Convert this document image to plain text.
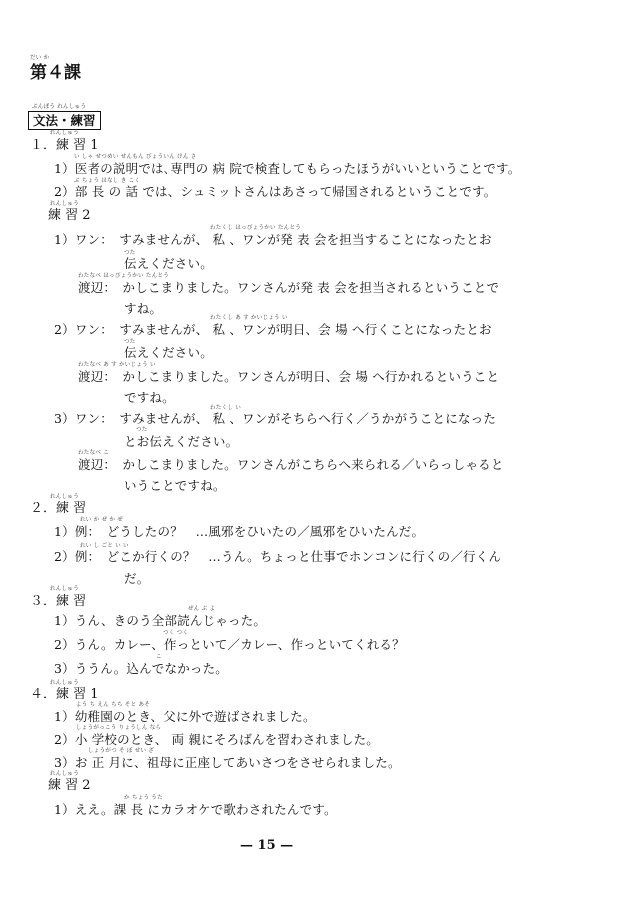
だい か
第４課
ぶんぽう れんしゅう
文法・練習
れんしゅう
１．練 習 1
い しゃ せつめい せんもん びょういん けん さ
1）医者の説明では､専門の 病 院で検査してもらったほうがいいということです。
ぶ ちょう はなし き こく
2）部 長 の 話 では、シュミットさんはあさって帰国されるということです。
れんしゅう
練 習 2
わたくし はっぴょうかい たんとう
1）ワン：　すみませんが、 私 、ワンが発 表 会を担当することになったとお
つた
伝えください。
わたなべ はっぴょうかい たんとう
渡辺：　かしこまりました。ワンさんが発 表 会を担当されるということで
すね。
わたくし あ す かいじょう い
2）ワン：　すみませんが、 私 、ワンが明日、会 場 へ行くことになったとお
つた
伝えください。
わたなべ あ す かいじょう い
渡辺：　かしこまりました。ワンさんが明日、会 場 へ行かれるということ
ですね。
わたくし い
3）ワン：　すみませんが、 私 、ワンがそちらへ行く／うかがうことになった
つた
とお伝えください。
わたなべ こ
渡辺：　かしこまりました。ワンさんがこちらへ来られる／いらっしゃると
いうことですね。
れんしゅう
２．練 習
れい か ぜ か ぜ
1）例：　どうしたの？　…風邪をひいたの／風邪をひいたんだ。
れい し ごと い い
2）例：　どこか行くの？　…うん。ちょっと仕事でホンコンに行くの／行くん
だ。
れんしゅう
３．練 習	ぜん ぶ よ
1）うん、きのう全部読んじゃった。
つく つく
2）うん。カレー、作っといて／カレー、作っといてくれる？
こ
3）ううん。込んでなかった。
れんしゅう
４．練 習 1
よう ち えん ちち そと あそ
1）幼稚園のとき、父に外で遊ばされました。
しょうがっこう りょうしん なら
2）小 学校のとき、 両 親にそろばんを習わされました。
しょうがつ そ ぼ せい ざ
3）お 正 月に、祖母に正座してあいさつをさせられました。
れんしゅう
練 習 2
か ちょう うた
1）ええ。課 長 にカラオケで歌わされたんです。
— 15 —
